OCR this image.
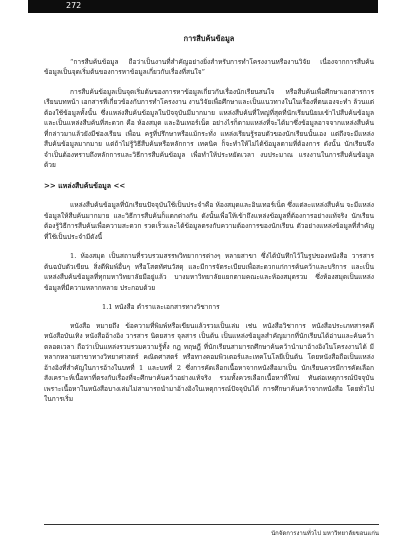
272
การสืบค้นข้อมูล

“การสืบค้นข้อมูล ถือว่าเป็นงานที่สำคัญอย่างยิ่งสำหรับการทำโครงงานหรืองานวิจัย เนื่องจากการสืบค้นข้อมูลเป็นจุดเริ่มต้นของการหาข้อมูลเกี่ยวกับเรื่องที่สนใจ”

การสืบค้นข้อมูลเป็นจุดเริ่มต้นของการหาข้อมูลเกี่ยวกับเรื่องนักเรียนสนใจ หรือสืบค้นเพื่อศึกษาเอกสารการเรียนบทหน้า เอกสารที่เกี่ยวข้องกับการทำโครงงาน งานวิจัยเพื่อศึกษาและเป็นแนวทางในในเรื่องที่ตนเองจะทำ ล้วนแต่ต้องใช้ข้อมูลทั้งนั้น ซึ่งแหล่งสืบค้นข้อมูลในปัจจุบันมีมากมาย แหล่งสืบค้นที่ใหญ่ที่สุดที่นักเรียนนิยมเข้าไปสืบค้นข้อมูลและเป็นแหล่งสืบค้นที่สะดวก คือ ห้องสมุด และอินเทอร์เน็ต อย่างไรก็ตามแหล่งที่จะได้มาซึ่งข้อมูลอาจจากแหล่งสืบค้นที่กล่าวมาแล้วยังมีช่องเรียน เพื่อน ครูที่ปรึกษาหรือแม้กระทั่ง แหล่งเรียนรู้รอบตัวของนักเรียนนั้นเอง แต่ถึงจะมีแหล่งสืบค้นข้อมูลมากมาย แต่ถ้าไม่รู้วิธีสืบค้นหรือหลักการ เทคนิค ก็จะทำให้ไม่ได้ข้อมูลตามที่ต้องการ ดังนั้น นักเรียนจึงจำเป็นต้องทราบถึงหลักการและวิธีการสืบค้นข้อมูล เพื่อทำให้ประหยัดเวลา งบประมาณ แรงงานในการสืบค้นข้อมูลด้วย

>> แหล่งสืบค้นข้อมูล <<

แหล่งสืบค้นข้อมูลที่นักเรียนปัจจุบันใช้เป็นประจำคือ ห้องสมุดและอินเทอร์เน็ต ซึ่งแต่ละแหล่งสืบค้น จะมีแหล่งข้อมูลให้สืบค้นมากมาย และวิธีการสืบค้นก็แตกต่างกัน ดังนั้นเพื่อให้เข้าถึงแหล่งข้อมูลที่ต้องการอย่างแท้จริง นักเรียนต้องรู้วิธีการสืบค้นเพื่อความสะดวก รวดเร็วและได้ข้อมูลตรงกับความต้องการของนักเรียน ตัวอย่างแหล่งข้อมูลที่สำคัญที่ใช้เป็นประจำมีดังนี้

1. ห้องสมุด เป็นสถานที่รวบรวมสรรพวิทยาการต่างๆ หลายสาขา ซึ่งได้บันทึกไว้ในรูปของหนังสือ วารสาร ต้นฉบับตัวเขียน สิ่งตีพิมพ์อื่นๆ หรือโสตทัศนวัสดุ และมีการจัดระเบียบเพื่อสะดวกแก่การค้นคว้าและบริการ และเป็นแหล่งสืบค้นข้อมูลที่ทุกมหาวิทยาลัยมีอยู่แล้ว บางมหาวิทยาลัยแยกตามคณะและห้องสมุดรวม ซึ่งห้องสมุดเป็นแหล่งข้อมูลที่มีความหลากหลาย ประกอบด้วย

1.1 หนังสือ ตำราและเอกสารทางวิชาการ

หนังสือ หมายถึง ข้อความที่พิมพ์หรือเขียนแล้วรวมเป็นเล่ม เช่น หนังสือวิชาการ หนังสือประเภทสารคดี หนังสือบันเทิง หนังสืออ้างอิง วารสาร นิตยสาร จุลสาร เป็นต้น เป็นแหล่งข้อมูลสำคัญมากที่นักเรียนได้อ่านและค้นคว้าตลอดเวลา ถือว่าเป็นแหล่งรวบรวมความรู้ทั้ง กฎ ทฤษฎี ที่นักเรียนสามารถศึกษาค้นคว้านำมาอ้างอิงในโครงงานได้ มีหลากหลายสาขาทางวิทยาศาสตร์ คณิตศาสตร์ หรือทางคอมพิวเตอร์และเทคโนโลยีเป็นต้น โดยหนังสือถือเป็นแหล่งอ้างอิงที่สำคัญในการอ้างในบทที่ 1 และบทที่ 2 ซึ่งการคัดเลือกเนื้อหาจากหนังสือมาเป็น นักเรียนควรมีการคัดเลือก สังเคราะห์เนื้อหาที่ตรงกับเรื่องที่จะศึกษาค้นคว้าอย่างแท้จริง รวมทั้งควรเลือกเนื้อหาที่ใหม่ ทันต่อเหตุการณ์ปัจจุบัน เพราะเนื้อหาในหนังสือบางเล่มไม่สามารถนำมาอ้างอิงในเหตุการณ์ปัจจุบันได้ การศึกษาค้นคว้าจากหนังสือ โดยทั่วไปในการเริ่ม

นักจัดการงานทั่วไป มหาวิทยาลัยขอนแก่น
